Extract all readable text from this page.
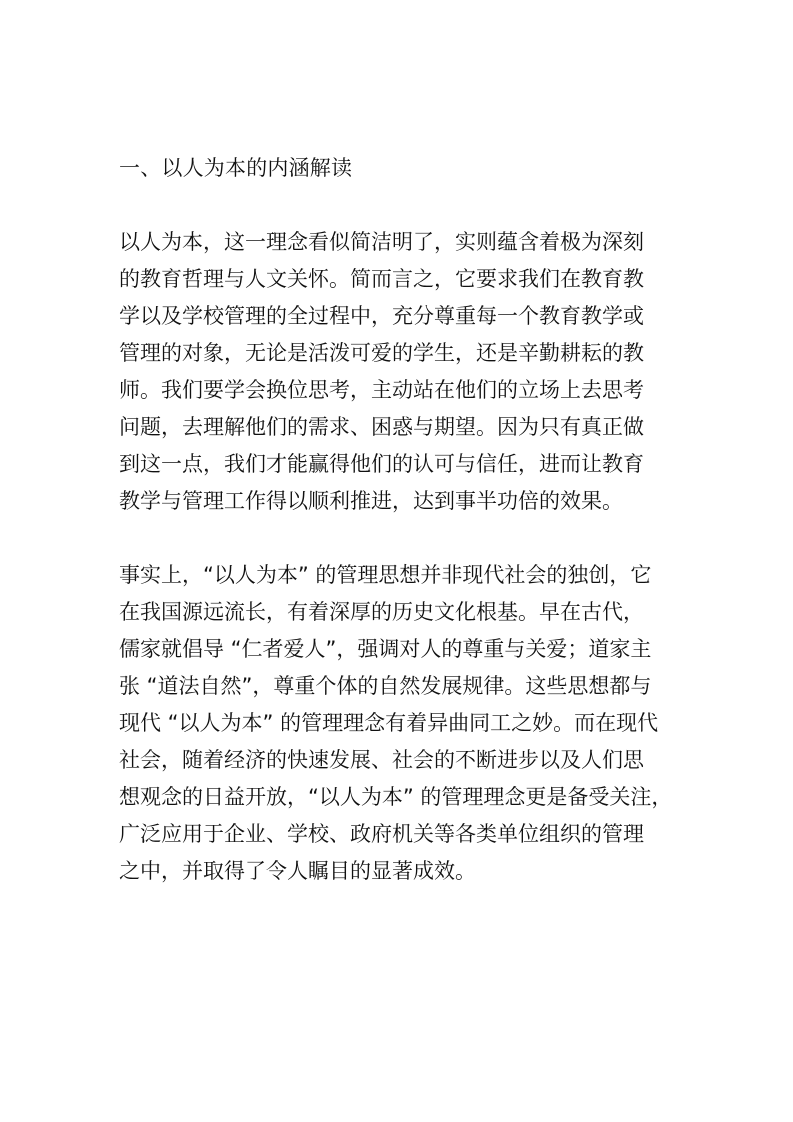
一、以人为本的内涵解读
以人为本，这一理念看似简洁明了，实则蕴含着极为深刻
的教育哲理与人文关怀。简而言之，它要求我们在教育教
学以及学校管理的全过程中，充分尊重每一个教育教学或
管理的对象，无论是活泼可爱的学生，还是辛勤耕耘的教
师。我们要学会换位思考，主动站在他们的立场上去思考
问题，去理解他们的需求、困惑与期望。因为只有真正做
到这一点，我们才能赢得他们的认可与信任，进而让教育
教学与管理工作得以顺利推进，达到事半功倍的效果。
事实上，“以人为本” 的管理思想并非现代社会的独创，它
在我国源远流长，有着深厚的历史文化根基。早在古代，
儒家就倡导 “仁者爱人”，强调对人的尊重与关爱；道家主
张 “道法自然”，尊重个体的自然发展规律。这些思想都与
现代 “以人为本” 的管理理念有着异曲同工之妙。而在现代
社会，随着经济的快速发展、社会的不断进步以及人们思
想观念的日益开放，“以人为本” 的管理理念更是备受关注，
广泛应用于企业、学校、政府机关等各类单位组织的管理
之中，并取得了令人瞩目的显著成效。
